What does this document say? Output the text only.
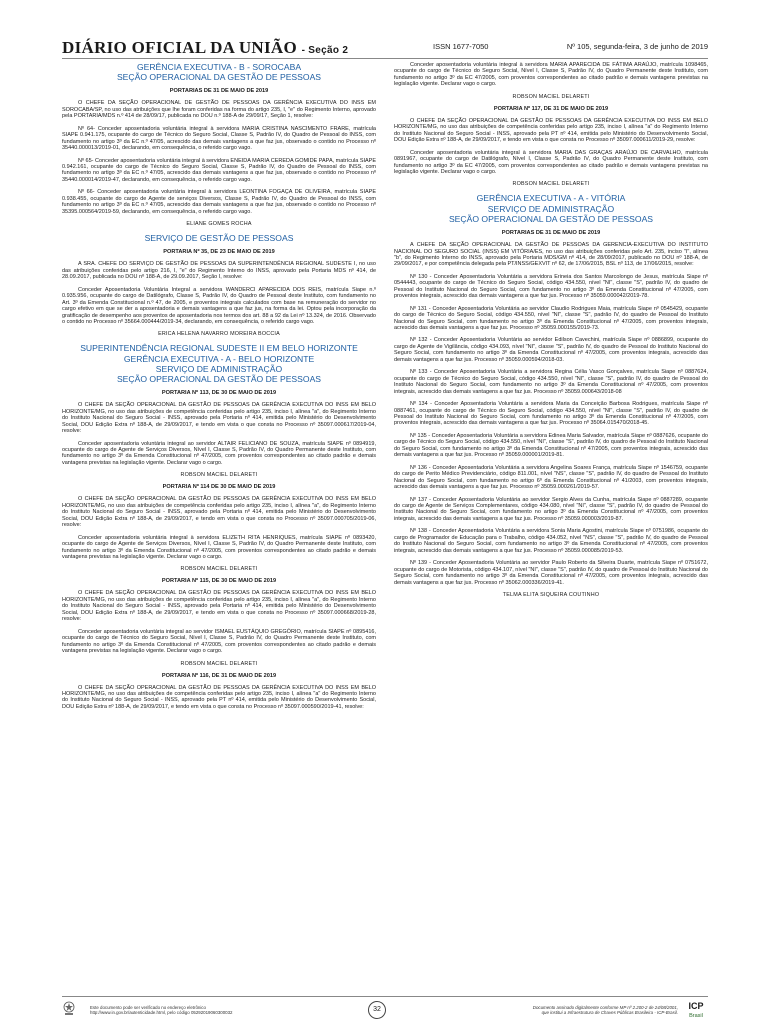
DIÁRIO OFICIAL DA UNIÃO - Seção 2	ISSN 1677-7050	Nº 105, segunda-feira, 3 de junho de 2019
GERÊNCIA EXECUTIVA - B - SOROCABA
SEÇÃO OPERACIONAL DA GESTÃO DE PESSOAS
PORTARIAS DE 31 DE MAIO DE 2019
O CHEFE DA SEÇÃO OPERACIONAL DE GESTÃO DE PESSOAS DA GERÊNCIA EXECUTIVA DO INSS EM SOROCABA/SP, no uso das atribuições que lhe foram conferidas na forma do artigo 235, I, "e" do Regimento Interno, aprovado pela PORTARIA/MDS n.º 414 de 28/09/17, publicada no DOU n.º 188-A de 29/09/17, Seção 1, resolve:
Nº 64- Conceder aposentadoria voluntária integral à servidora MARIA CRISTINA NASCIMENTO FRARE, matrícula SIAPE 0.941.175, ocupante do cargo de Técnico do Seguro Social, Classe S, Padrão IV, do Quadro de Pessoal do INSS, com fundamento no artigo 3º da EC n.º 47/05, acrescido das demais vantagens a que faz jus, observado o contido no Processo nº 35440.000013/2019-01, declarando, em consequência, o referido cargo vago.
Nº 65- Conceder aposentadoria voluntária integral à servidora ENEIDA MARIA CEREDA GOMIDE PAPA, matrícula SIAPE 0.942.161, ocupante do cargo de Técnico do Seguro Social, Classe S, Padrão IV, do Quadro de Pessoal do INSS, com fundamento no artigo 3º da EC n.º 47/05, acrescido das demais vantagens a que faz jus, observado o contido no Processo nº 35440.000014/2019-47, declarando, em consequência, o referido cargo vago.
Nº 66- Conceder aposentadoria voluntária integral à servidora LEONTINA FOGAÇA DE OLIVEIRA, matrícula SIAPE 0.938.455, ocupante do cargo de Agente de serviços Diversos, Classe S, Padrão IV, do Quadro de Pessoal do INSS, com fundamento no artigo 3º da EC n.º 47/05, acrescido das demais vantagens a que faz jus, observado o contido no Processo nº 35395.000564/2019-59, declarando, em consequência, o referido cargo vago.
ELIANE GOMES ROCHA
SERVIÇO DE GESTÃO DE PESSOAS
PORTARIA Nº 35, DE 23 DE MAIO DE 2019
A SRA. CHEFE DO SERVIÇO DE GESTÃO DE PESSOAS DA SUPERINTENDÊNCIA REGIONAL SUDESTE I, no uso das atribuições conferidas pelo artigo 216, I, "e" do Regimento Interno do INSS, aprovado pela Portaria MDS nº 414, de 28.09.2017, publicada no DOU nº 188-A, de 29.09.2017, Seção I, resolve:
Conceder Aposentadoria Voluntária Integral a servidora WANDERCI APARECIDA DOS REIS, matrícula Siape n.º 0.935.956, ocupante do cargo de Datilógrafo, Classe S, Padrão IV, do Quadro de Pessoal deste Instituto, com fundamento no Art. 3º da Emenda Constitucional n.º 47, de 2005, e proventos integrais calculados com base na remuneração do servidor no cargo efetivo em que se der a aposentadoria e demais vantagens a que faz jus, na forma da lei. Optou pela incorporação da gratificação de desempenho aos proventos de aposentadoria nos termos dos art. 88 a 92 da Lei nº 13.324, de 2016. Observado o contido no Processo nº 35664.000444/2019-34, declarando, em consequência, o referido cargo vago.
ERICA HELENA NAVARRO MOREIRA BOCCIA
SUPERINTENDÊNCIA REGIONAL SUDESTE II EM BELO HORIZONTE
GERÊNCIA EXECUTIVA - A - BELO HORIZONTE
SERVIÇO DE ADMINISTRAÇÃO
SEÇÃO OPERACIONAL DA GESTÃO DE PESSOAS
PORTARIA Nº 113, DE 30 DE MAIO DE 2019
O CHEFE DA SEÇÃO OPERACIONAL DA GESTÃO DE PESSOAS DA GERÊNCIA EXECUTIVA DO INSS EM BELO HORIZONTE/MG, no uso das atribuições de competência conferidas pelo artigo 235, inciso I, alínea "a", do Regimento Interno do Instituto Nacional do Seguro Social - INSS, aprovado pela Portaria nº 414, emitida pelo Ministério do Desenvolvimento Social, DOU Edição Extra nº 188-A, de 29/09/2017, e tendo em vista o que consta no Processo nº 35097.000617/2019-04, resolve:
Conceder aposentadoria voluntária integral ao servidor ALTAIR FELICIANO DE SOUZA, matrícula SIAPE nº 0894919, ocupante do cargo de Agente de Serviços Diversos, Nível I, Classe S, Padrão IV, do Quadro Permanente deste Instituto, com fundamento no artigo 3º da Emenda Constitucional nº 47/2005, com proventos correspondentes ao citado padrão e demais vantagens previstas na legislação vigente. Declarar vago o cargo.
ROBSON MACIEL DELARETI
PORTARIA Nº 114 DE 30 DE MAIO DE 2019
O CHEFE DA SEÇÃO OPERACIONAL DA GESTÃO DE PESSOAS DA GERÊNCIA EXECUTIVA DO INSS EM BELO HORIZONTE/MG, no uso das atribuições de competência conferidas pelo artigo 235, inciso I, alínea "a", do Regimento Interno do Instituto Nacional do Seguro Social - INSS, aprovado pela Portaria nº 414, emitida pelo Ministério do Desenvolvimento Social, DOU Edição Extra nº 188-A, de 29/09/2017, e tendo em vista o que consta no Processo nº 35097.000705/2019-06, resolve:
Conceder aposentadoria voluntária integral à servidora ELIZETH RITA HENRIQUES, matrícula SIAPE nº 0893420, ocupante do cargo de Agente de Serviços Diversos, Nível I, Classe S, Padrão IV, do Quadro Permanente deste Instituto, com fundamento no artigo 3º da Emenda Constitucional nº 47/2005, com proventos correspondentes ao citado padrão e demais vantagens previstas na legislação vigente. Declarar vago o cargo.
ROBSON MACIEL DELARETI
PORTARIA Nº 115, DE 30 DE MAIO DE 2019
O CHEFE DA SEÇÃO OPERACIONAL DA GESTÃO DE PESSOAS DA GERÊNCIA EXECUTIVA DO INSS EM BELO HORIZONTE/MG, no uso das atribuições de competência conferidas pelo artigo 235, inciso I, alínea "a", do Regimento Interno do Instituto Nacional do Seguro Social - INSS, aprovado pela Portaria nº 414, emitida pelo Ministério do Desenvolvimento Social, DOU Edição Extra nº 188-A, de 29/09/2017, e tendo em vista o que consta no Processo nº 35097.000668/2019-28, resolve:
Conceder aposentadoria voluntária integral ao servidor ISMAEL EUSTÁQUIO GREGÓRIO, matrícula SIAPE nº 0895416, ocupante do cargo de Técnico do Seguro Social, Nível I, Classe S, Padrão IV, do Quadro Permanente deste Instituto, com fundamento no artigo 3º da Emenda Constitucional nº 47/2005, com proventos correspondentes ao citado padrão e demais vantagens previstas na legislação vigente. Declarar vago o cargo.
ROBSON MACIEL DELARETI
PORTARIA Nº 116, DE 31 DE MAIO DE 2019
O CHEFE DA SEÇÃO OPERACIONAL DA GESTÃO DE PESSOAS DA GERÊNCIA EXECUTIVA DO INSS EM BELO HORIZONTE/MG, no uso das atribuições de competência conferidas pelo artigo 235, inciso I, alínea "a" do Regimento Interno do Instituto Nacional do Seguro Social - INSS, aprovado pela PT nº 414, emitida pelo Ministério do Desenvolvimento Social, DOU Edição Extra nº 188-A, de 29/09/2017, e tendo em vista o que consta no Processo nº 35097.000590/2019-41, resolve:
Conceder aposentadoria voluntária integral à servidora MARIA APARECIDA DE FÁTIMA ARAÚJO, matrícula 1098465, ocupante do cargo de Técnico do Seguro Social, Nível I, Classe S, Padrão IV, do Quadro Permanente deste Instituto, com fundamento no artigo 3º da EC 47/2005, com proventos correspondentes ao citado padrão e demais vantagens previstas na legislação vigente. Declarar vago o cargo.
ROBSON MACIEL DELARETI
PORTARIA Nº 117, DE 31 DE MAIO DE 2019
O CHEFE DA SEÇÃO OPERACIONAL DA GESTÃO DE PESSOAS DA GERÊNCIA EXECUTIVA DO INSS EM BELO HORIZONTE/MG, no uso das atribuições de competência conferidas pelo artigo 235, inciso I, alínea "a" do Regimento Interno do Instituto Nacional do Seguro Social - INSS, aprovado pela PT nº 414, emitida pelo Ministério do Desenvolvimento Social, DOU Edição Extra nº 188-A, de 29/09/2017, e tendo em vista o que consta no Processo nº 35097.000611/2019-29, resolve:
Conceder aposentadoria voluntária integral à servidora MARIA DAS GRAÇAS ARAÚJO DE CARVALHO, matrícula 0891967, ocupante do cargo de Datilógrafo, Nível I, Classe S, Padrão IV, do Quadro Permanente deste Instituto, com fundamento no artigo 3º da EC 47/2005, com proventos correspondentes ao citado padrão e demais vantagens previstas na legislação vigente. Declarar vago o cargo.
ROBSON MACIEL DELARETI
GERÊNCIA EXECUTIVA - A - VITÓRIA
SERVIÇO DE ADMINISTRAÇÃO
SEÇÃO OPERACIONAL DA GESTÃO DE PESSOAS
PORTARIAS DE 31 DE MAIO DE 2019
A CHEFE DA SEÇÃO OPERACIONAL DA GESTÃO DE PESSOAS DA GERENCIA-EXECUTIVA DO INSTITUTO NACIONAL DO SEGURO SOCIAL (INSS) EM VITÓRIA/ES, no uso das atribuições conferidas pelo Art. 235, inciso "I", alínea "b", do Regimento Interno do INSS, aprovado pela Portaria MDS/GM nº 414, de 28/09/2017, publicado no DOU nº 188-A, de 29/09/2017, e por competência delegada pela PT/INSS/GEXVIT nº 62, de 17/06/2015, BSL nº 113, de 17/06/2015, resolve:
Nº 130 - Conceder Aposentadoria Voluntária a servidora Erineia dos Santos Marcolongo de Jesus, matrícula Siape nº 0544443, ocupante do cargo de Técnico do Seguro Social, código 434.550, nível "NI", classe "S", padrão IV, do quadro de Pessoal do Instituto Nacional do Seguro Social, com fundamento no artigo 3º da Emenda Constitucional nº 47/2005, com proventos integrais, acrescido das demais vantagens a que faz jus. Processo nº 35059.000042/2019-78.
Nº 131 - Conceder Aposentadoria Voluntária ao servidor Claudio Rodrigues Maia, matrícula Siape nº 0545429, ocupante do cargo de Técnico do Seguro Social, código 434.550, nível "NI", classe "S", padrão IV, do quadro de Pessoal do Instituto Nacional do Seguro Social, com fundamento no artigo 3º da Emenda Constitucional nº 47/2005, com proventos integrais, acrescido das demais vantagens a que faz jus. Processo nº 35059.000155/2019-73.
Nº 132 - Conceder Aposentadoria Voluntária ao servidor Edilson Cavechini, matrícula Siape nº 0886899, ocupante do cargo de Agente de Vigilância, código 434.093, nível "NI", classe "S", padrão IV, do quadro de Pessoal do Instituto Nacional do Seguro Social, com fundamento no artigo 3º da Emenda Constitucional nº 47/2005, com proventos integrais, acrescido das demais vantagens a que faz jus. Processo nº 35059.000594/2018-03.
Nº 133 - Conceder Aposentadoria Voluntária a servidora Regina Célia Vasco Gonçalves, matrícula Siape nº 0887624, ocupante do cargo de Técnico do Seguro Social, código 434.550, nível "NI", classe "S", padrão IV, do quadro de Pessoal do Instituto Nacional do Seguro Social, com fundamento no artigo 3º da Emenda Constitucional nº 47/2005, com proventos integrais, acrescido das demais vantagens a que faz jus. Processo nº 35059.000643/2018-08
Nº 134 - Conceder Aposentadoria Voluntária a servidora Maria da Conceição Barbosa Rodrigues, matrícula Siape nº 0887461, ocupante do cargo de Técnico do Seguro Social, código 434.550, nível "NI", classe "S", padrão IV, do quadro de Pessoal do Instituto Nacional do Seguro Social, com fundamento no artigo 3º da Emenda Constitucional nº 47/2005, com proventos integrais, acrescido das demais vantagens a que faz jus. Processo nº 35064.015470/2018-45.
Nº 135 - Conceder Aposentadoria Voluntária a servidora Edinea Maria Salvador, matrícula Siape nº 0887626, ocupante do cargo de Técnico do Seguro Social, código 434.550, nível "NI", classe "S", padrão IV, do quadro de Pessoal do Instituto Nacional do Seguro Social, com fundamento no artigo 3º da Emenda Constitucional nº 47/2005, com proventos integrais, acrescido das demais vantagens a que faz jus. Processo nº 35059.000001/2019-81.
Nº 136 - Conceder Aposentadoria Voluntária a servidora Angelina Soares França, matrícula Siape nº 1546759, ocupante do cargo de Perito Médico Previdenciário, código 811.001, nível "NS", classe "S", padrão IV, do quadro de Pessoal do Instituto Nacional do Seguro Social, com fundamento no artigo 6º da Emenda Constitucional nº 41/2003, com proventos integrais, acrescido das demais vantagens a que faz jus. Processo nº 35059.000261/2019-57.
Nº 137 - Conceder Aposentadoria Voluntária ao servidor Sergio Alves da Cunha, matrícula Siape nº 0887289, ocupante do cargo de Agente de Serviços Complementares, código 434.080, nível "NI", classe "S", padrão IV, do quadro de Pessoal do Instituto Nacional do Seguro Social, com fundamento no artigo 3º da Emenda Constitucional nº 47/2005, com proventos integrais, acrescido das demais vantagens a que faz jus. Processo nº 35059.000003/2019-87.
Nº 138 - Conceder Aposentadoria Voluntária a servidora Sonia Maria Agostini, matrícula Siape nº 0751986, ocupante do cargo de Programador de Educação para o Trabalho, código 434.052, nível "NS", classe "S", padrão IV, do quadro de Pessoal do Instituto Nacional do Seguro Social, com fundamento no artigo 3º da Emenda Constitucional nº 47/2005, com proventos integrais, acrescido das demais vantagens a que faz jus. Processo nº 35059.000085/2019-53.
Nº 139 - Conceder Aposentadoria Voluntária ao servidor Paulo Roberto da Silveira Duarte, matrícula Siape nº 0751672, ocupante do cargo de Motorista, código 434.107, nível "NI", classe "S", padrão IV, do quadro de Pessoal do Instituto Nacional do Seguro Social, com fundamento no artigo 3º da Emenda Constitucional nº 47/2005, com proventos integrais, acrescido das demais vantagens a que faz jus. Processo nº 35062.000336/2019-41.
TELMA ELITA SIQUEIRA COUTINHO
Este documento pode ser verificado no endereço eletrônico
http://www.in.gov.br/autenticidade.html, pelo código 05292019060300032	32	Documento assinado digitalmente conforme MP nº 2.200-2 de 24/08/2001,
que institui a Infraestrutura de Chaves Públicas Brasileira - ICP-Brasil.
ICP
Brasil
